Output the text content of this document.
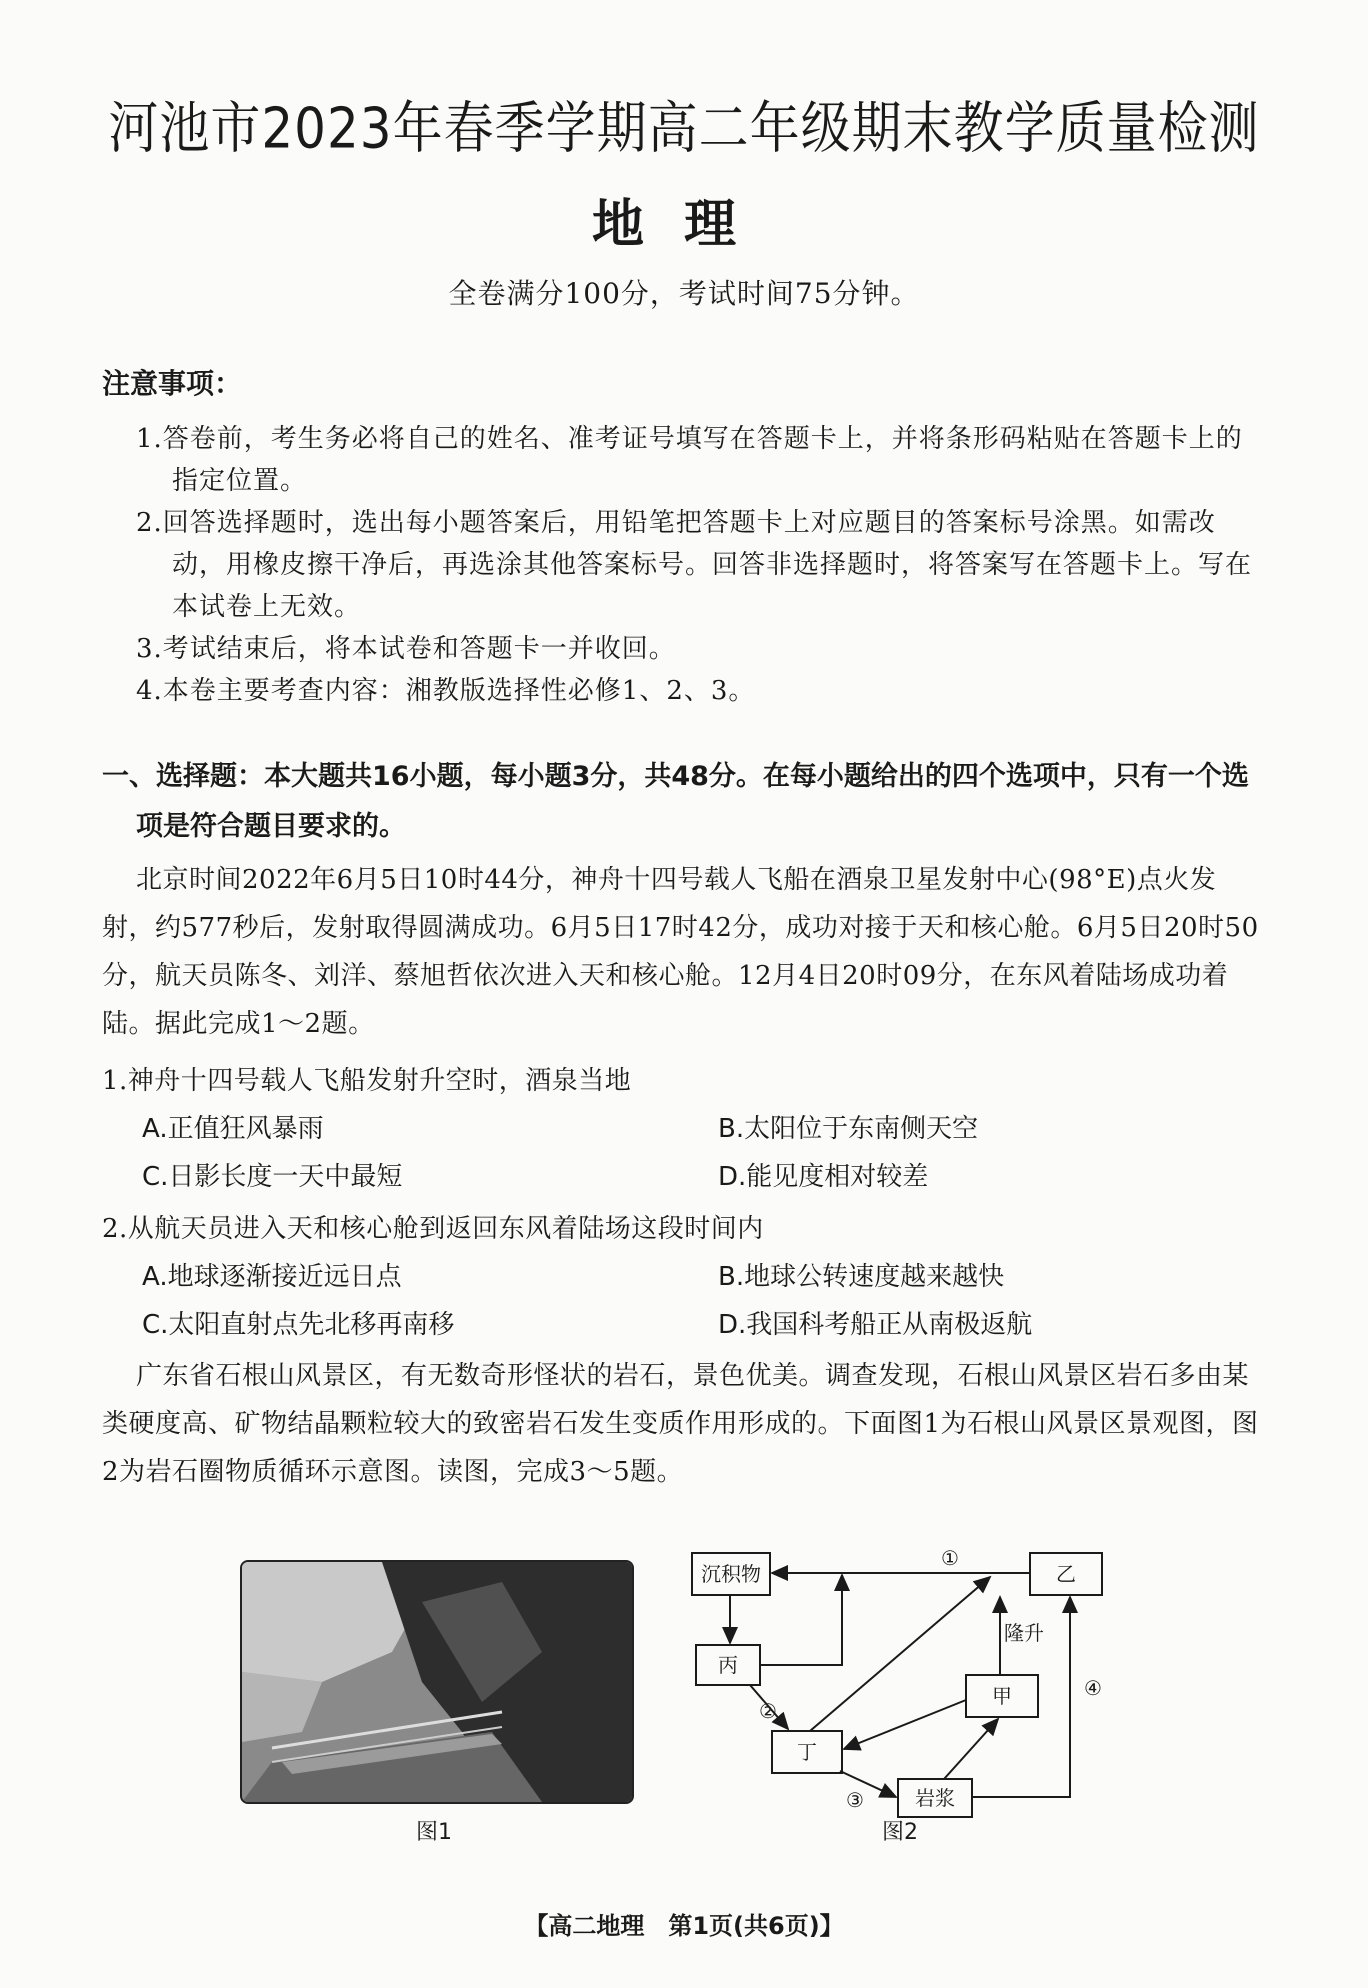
河池市2023年春季学期高二年级期末教学质量检测
地理
全卷满分100分，考试时间75分钟。
注意事项：
1.答卷前，考生务必将自己的姓名、准考证号填写在答题卡上，并将条形码粘贴在答题卡上的指定位置。
2.回答选择题时，选出每小题答案后，用铅笔把答题卡上对应题目的答案标号涂黑。如需改动，用橡皮擦干净后，再选涂其他答案标号。回答非选择题时，将答案写在答题卡上。写在本试卷上无效。
3.考试结束后，将本试卷和答题卡一并收回。
4.本卷主要考查内容：湘教版选择性必修1、2、3。
一、选择题：本大题共16小题，每小题3分，共48分。在每小题给出的四个选项中，只有一个选
项是符合题目要求的。
北京时间2022年6月5日10时44分，神舟十四号载人飞船在酒泉卫星发射中心(98°E)点火发射，约577秒后，发射取得圆满成功。6月5日17时42分，成功对接于天和核心舱。6月5日20时50分，航天员陈冬、刘洋、蔡旭哲依次进入天和核心舱。12月4日20时09分，在东风着陆场成功着陆。据此完成1～2题。
1.神舟十四号载人飞船发射升空时，酒泉当地
A.正值狂风暴雨	B.太阳位于东南侧天空
C.日影长度一天中最短	D.能见度相对较差
2.从航天员进入天和核心舱到返回东风着陆场这段时间内
A.地球逐渐接近远日点	B.地球公转速度越来越快
C.太阳直射点先北移再南移	D.我国科考船正从南极返航
广东省石根山风景区，有无数奇形怪状的岩石，景色优美。调查发现，石根山风景区岩石多由某类硬度高、矿物结晶颗粒较大的致密岩石发生变质作用形成的。下面图1为石根山风景区景观图，图2为岩石圈物质循环示意图。读图，完成3～5题。
图1
沉积物	乙
丙
甲
丁
岩浆
隆升
①
②
③
④
图2
【高二地理　第1页(共6页)】
